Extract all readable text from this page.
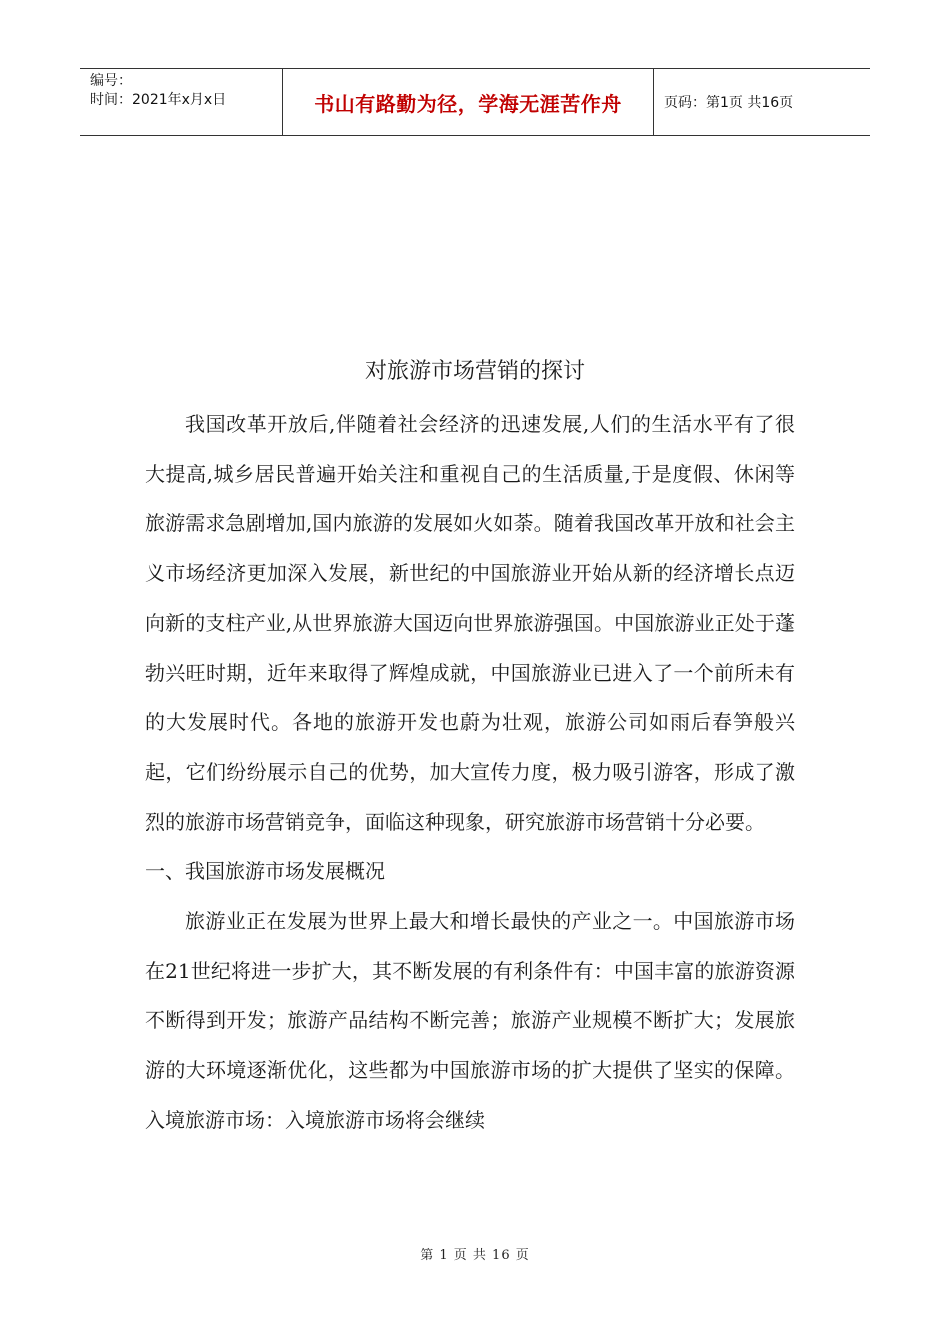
编号：
时间：2021年x月x日	书山有路勤为径，学海无涯苦作舟	页码：第1页 共16页
对旅游市场营销的探讨

我国改革开放后,伴随着社会经济的迅速发展,人们的生活水平有了很大提高,城乡居民普遍开始关注和重视自己的生活质量,于是度假、休闲等旅游需求急剧增加,国内旅游的发展如火如荼。随着我国改革开放和社会主义市场经济更加深入发展，新世纪的中国旅游业开始从新的经济增长点迈向新的支柱产业,从世界旅游大国迈向世界旅游强国。中国旅游业正处于蓬勃兴旺时期，近年来取得了辉煌成就，中国旅游业已进入了一个前所未有的大发展时代。各地的旅游开发也蔚为壮观，旅游公司如雨后春笋般兴起，它们纷纷展示自己的优势，加大宣传力度，极力吸引游客，形成了激烈的旅游市场营销竞争，面临这种现象，研究旅游市场营销十分必要。

一、我国旅游市场发展概况

旅游业正在发展为世界上最大和增长最快的产业之一。中国旅游市场在21世纪将进一步扩大，其不断发展的有利条件有：中国丰富的旅游资源不断得到开发；旅游产品结构不断完善；旅游产业规模不断扩大；发展旅游的大环境逐渐优化，这些都为中国旅游市场的扩大提供了坚实的保障。入境旅游市场：入境旅游市场将会继续

第 1 页 共 16 页
